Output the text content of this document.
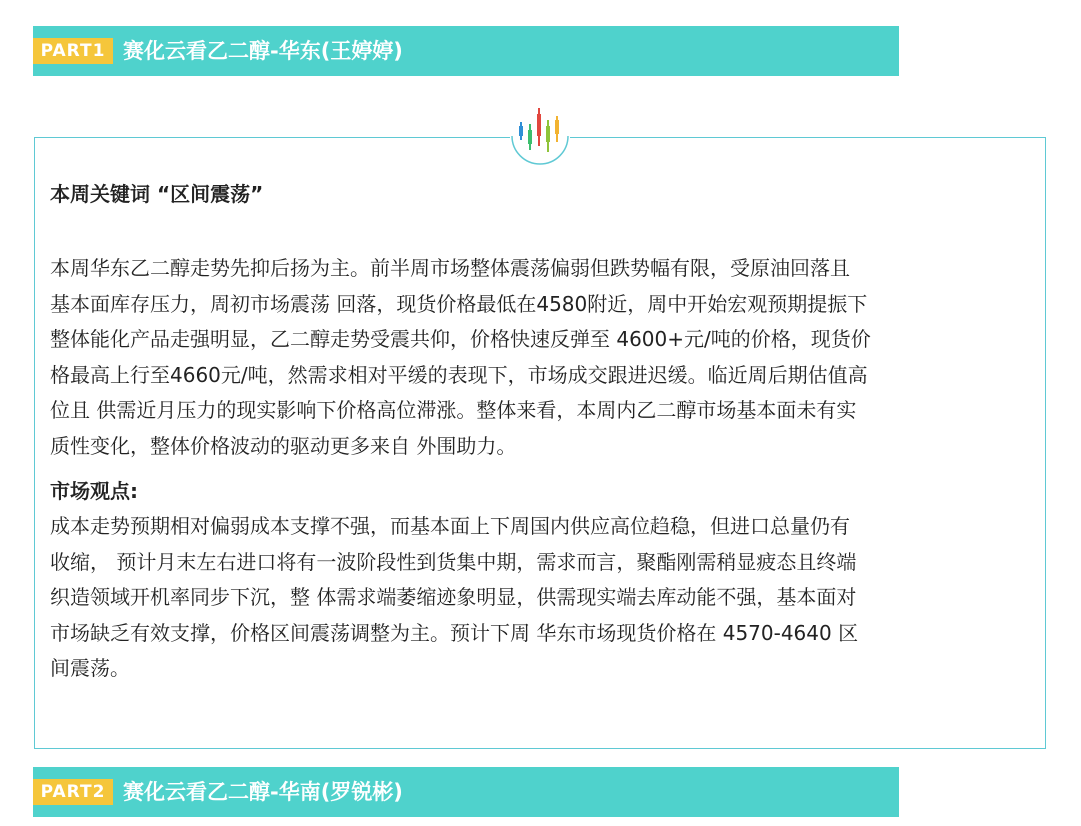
PART1 赛化云看乙二醇-华东(王婷婷)

本周关键词 “区间震荡”

本周华东乙二醇走势先抑后扬为主。前半周市场整体震荡偏弱但跌势幅有限，受原油回落且
基本面库存压力，周初市场震荡 回落，现货价格最低在4580附近，周中开始宏观预期提振下
整体能化产品走强明显，乙二醇走势受震共仰，价格快速反弹至 4600+元/吨的价格，现货价
格最高上行至4660元/吨，然需求相对平缓的表现下，市场成交跟进迟缓。临近周后期估值高
位且 供需近月压力的现实影响下价格高位滞涨。整体来看，本周内乙二醇市场基本面未有实
质性变化，整体价格波动的驱动更多来自 外围助力。

市场观点:

成本走势预期相对偏弱成本支撑不强，而基本面上下周国内供应高位趋稳，但进口总量仍有
收缩， 预计月末左右进口将有一波阶段性到货集中期，需求而言，聚酯刚需稍显疲态且终端
织造领域开机率同步下沉，整 体需求端萎缩迹象明显，供需现实端去库动能不强，基本面对
市场缺乏有效支撑，价格区间震荡调整为主。预计下周 华东市场现货价格在 4570-4640 区
间震荡。

PART2 赛化云看乙二醇-华南(罗锐彬)
